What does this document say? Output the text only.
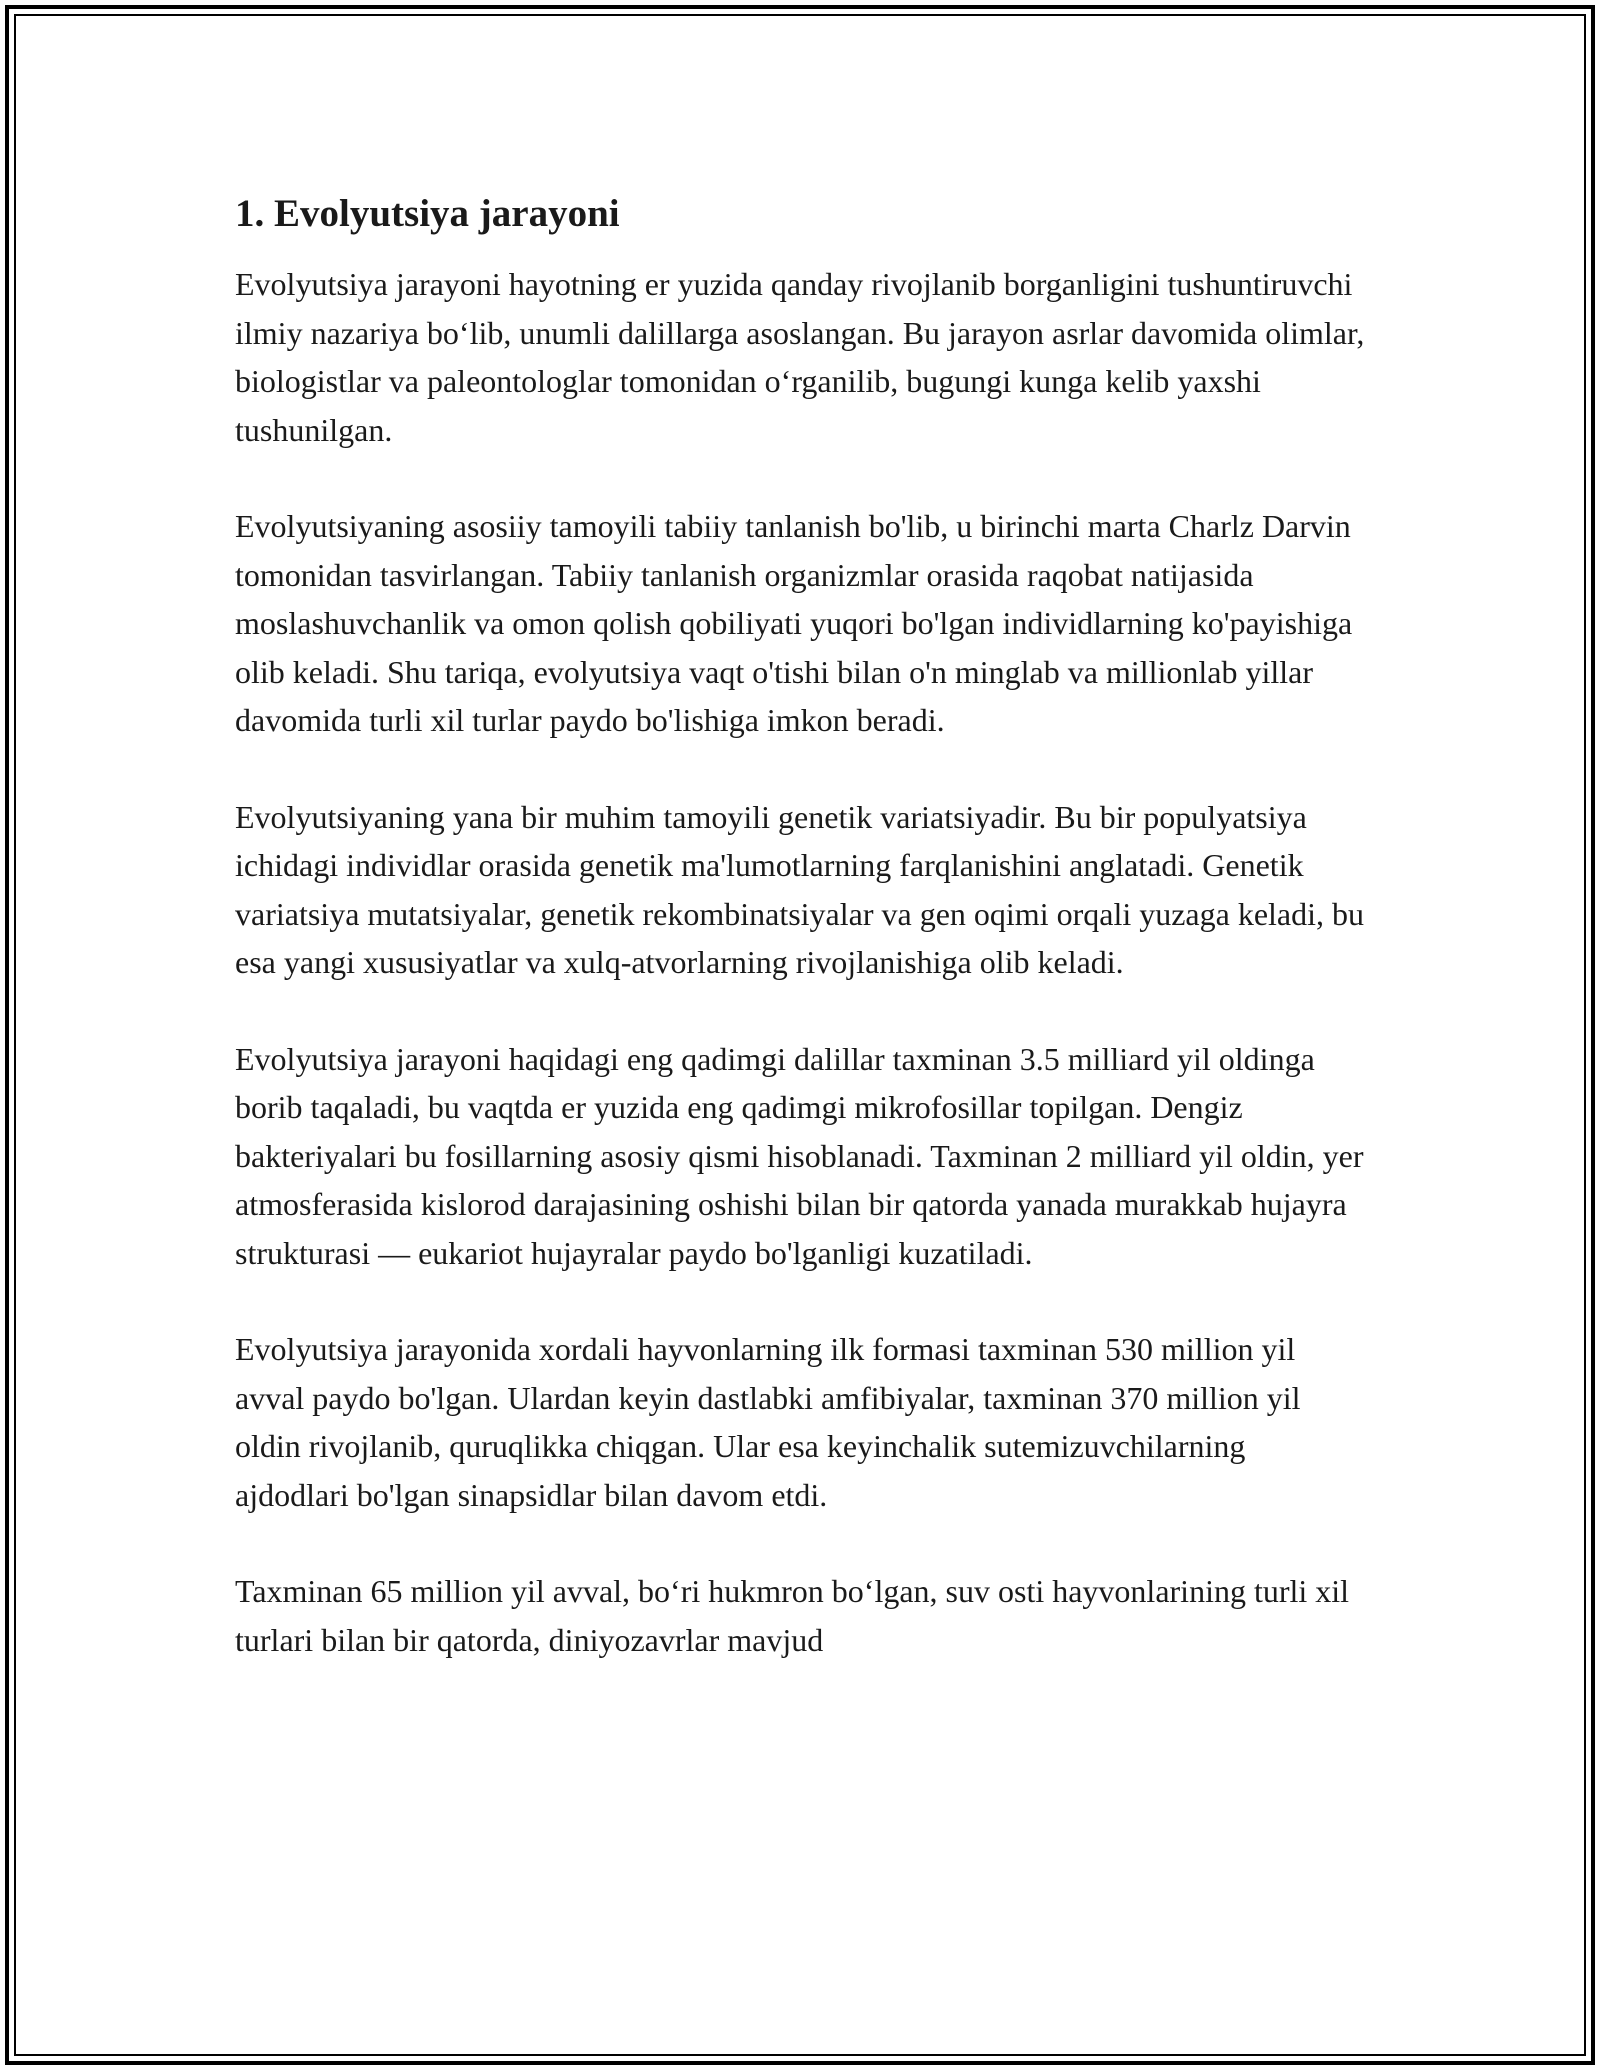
1. Evolyutsiya jarayoni

Evolyutsiya jarayoni hayotning er yuzida qanday rivojlanib borganligini tushuntiruvchi ilmiy nazariya bo‘lib, unumli dalillarga asoslangan. Bu jarayon asrlar davomida olimlar, biologistlar va paleontologlar tomonidan o‘rganilib, bugungi kunga kelib yaxshi tushunilgan.

Evolyutsiyaning asosiiy tamoyili tabiiy tanlanish bo'lib, u birinchi marta Charlz Darvin tomonidan tasvirlangan. Tabiiy tanlanish organizmlar orasida raqobat natijasida moslashuvchanlik va omon qolish qobiliyati yuqori bo'lgan individlarning ko'payishiga olib keladi. Shu tariqa, evolyutsiya vaqt o'tishi bilan o'n minglab va millionlab yillar davomida turli xil turlar paydo bo'lishiga imkon beradi.

Evolyutsiyaning yana bir muhim tamoyili genetik variatsiyadir. Bu bir populyatsiya ichidagi individlar orasida genetik ma'lumotlarning farqlanishini anglatadi. Genetik variatsiya mutatsiyalar, genetik rekombinatsiyalar va gen oqimi orqali yuzaga keladi, bu esa yangi xususiyatlar va xulq-atvorlarning rivojlanishiga olib keladi.

Evolyutsiya jarayoni haqidagi eng qadimgi dalillar taxminan 3.5 milliard yil oldinga borib taqaladi, bu vaqtda er yuzida eng qadimgi mikrofosillar topilgan. Dengiz bakteriyalari bu fosillarning asosiy qismi hisoblanadi. Taxminan 2 milliard yil oldin, yer atmosferasida kislorod darajasining oshishi bilan bir qatorda yanada murakkab hujayra strukturasi — eukariot hujayralar paydo bo'lganligi kuzatiladi.

Evolyutsiya jarayonida xordali hayvonlarning ilk formasi taxminan 530 million yil avval paydo bo'lgan. Ulardan keyin dastlabki amfibiyalar, taxminan 370 million yil oldin rivojlanib, quruqlikka chiqgan. Ular esa keyinchalik sutemizuvchilarning ajdodlari bo'lgan sinapsidlar bilan davom etdi.

Taxminan 65 million yil avval, bo‘ri hukmron bo‘lgan, suv osti hayvonlarining turli xil turlari bilan bir qatorda, diniyozavrlar mavjud
